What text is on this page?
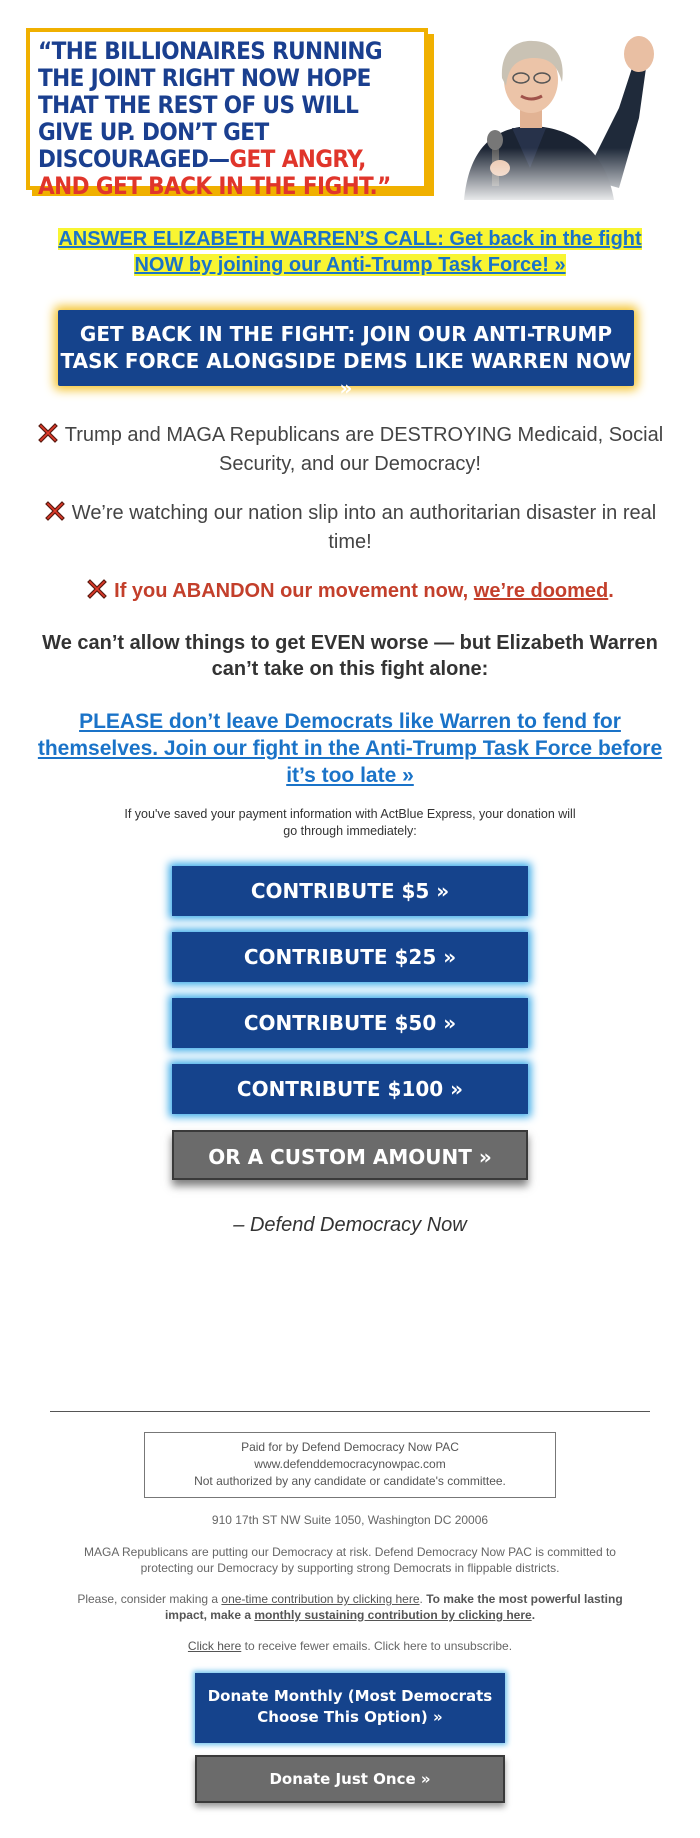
“THE BILLIONAIRES RUNNING THE JOINT RIGHT NOW HOPE THAT THE REST OF US WILL GIVE UP. DON’T GET DISCOURAGED—GET ANGRY, AND GET BACK IN THE FIGHT.”
ANSWER ELIZABETH WARREN’S CALL: Get back in the fight NOW by joining our Anti-Trump Task Force! »
GET BACK IN THE FIGHT: JOIN OUR ANTI-TRUMP TASK FORCE ALONGSIDE DEMS LIKE WARREN NOW »
Trump and MAGA Republicans are DESTROYING Medicaid, Social Security, and our Democracy!
We’re watching our nation slip into an authoritarian disaster in real time!
If you ABANDON our movement now, we’re doomed.
We can’t allow things to get EVEN worse — but Elizabeth Warren can’t take on this fight alone:
PLEASE don’t leave Democrats like Warren to fend for themselves. Join our fight in the Anti-Trump Task Force before it’s too late »
If you've saved your payment information with ActBlue Express, your donation will go through immediately:
CONTRIBUTE $5 »
CONTRIBUTE $25 »
CONTRIBUTE $50 »
CONTRIBUTE $100 »
OR A CUSTOM AMOUNT »
– Defend Democracy Now
Paid for by Defend Democracy Now PAC
www.defenddemocracynowpac.com
Not authorized by any candidate or candidate's committee.
910 17th ST NW Suite 1050, Washington DC 20006
MAGA Republicans are putting our Democracy at risk. Defend Democracy Now PAC is committed to protecting our Democracy by supporting strong Democrats in flippable districts.
Please, consider making a one-time contribution by clicking here. To make the most powerful lasting impact, make a monthly sustaining contribution by clicking here.
Click here to receive fewer emails. Click here to unsubscribe.
Donate Monthly (Most Democrats Choose This Option) »
Donate Just Once »
